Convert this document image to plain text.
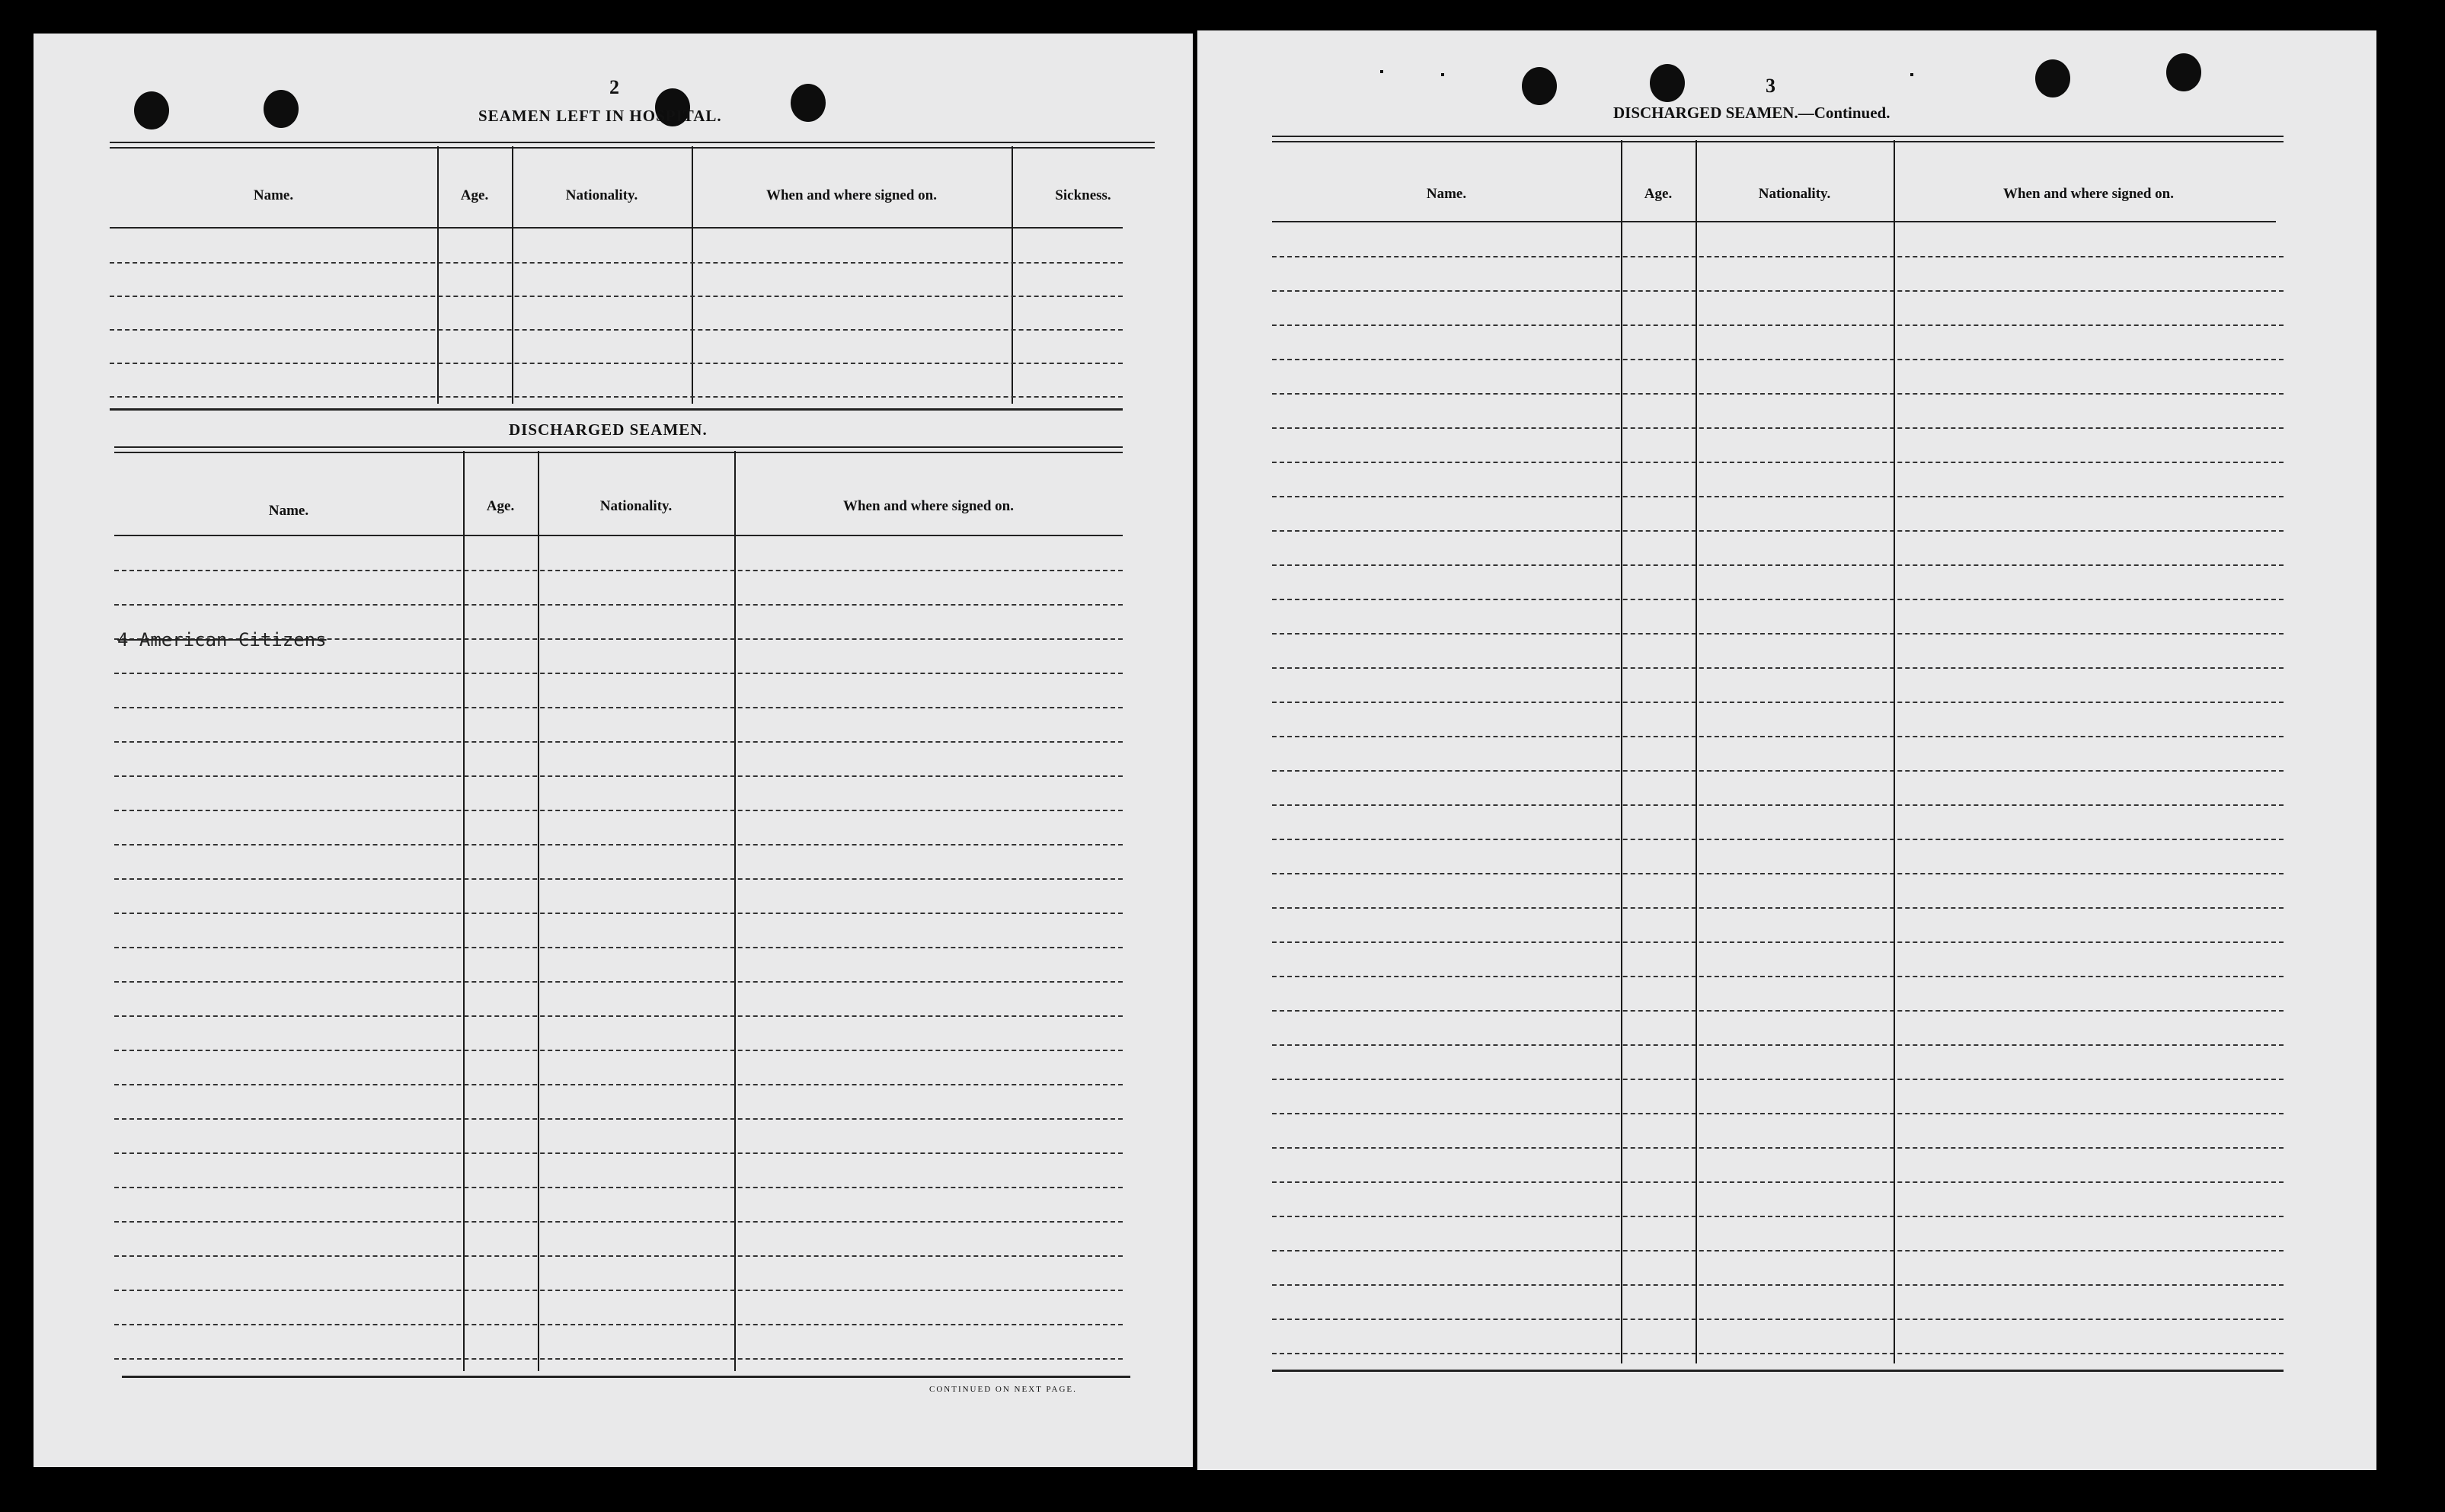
2
SEAMEN LEFT IN HOSPITAL.
Name.	Age.	Nationality.	When and where signed on.	Sickness.
DISCHARGED SEAMEN.
Name.	Age.	Nationality.	When and where signed on.
4 American Citizens
CONTINUED ON NEXT PAGE.
3
DISCHARGED SEAMEN.—Continued.
Name.	Age.	Nationality.	When and where signed on.
